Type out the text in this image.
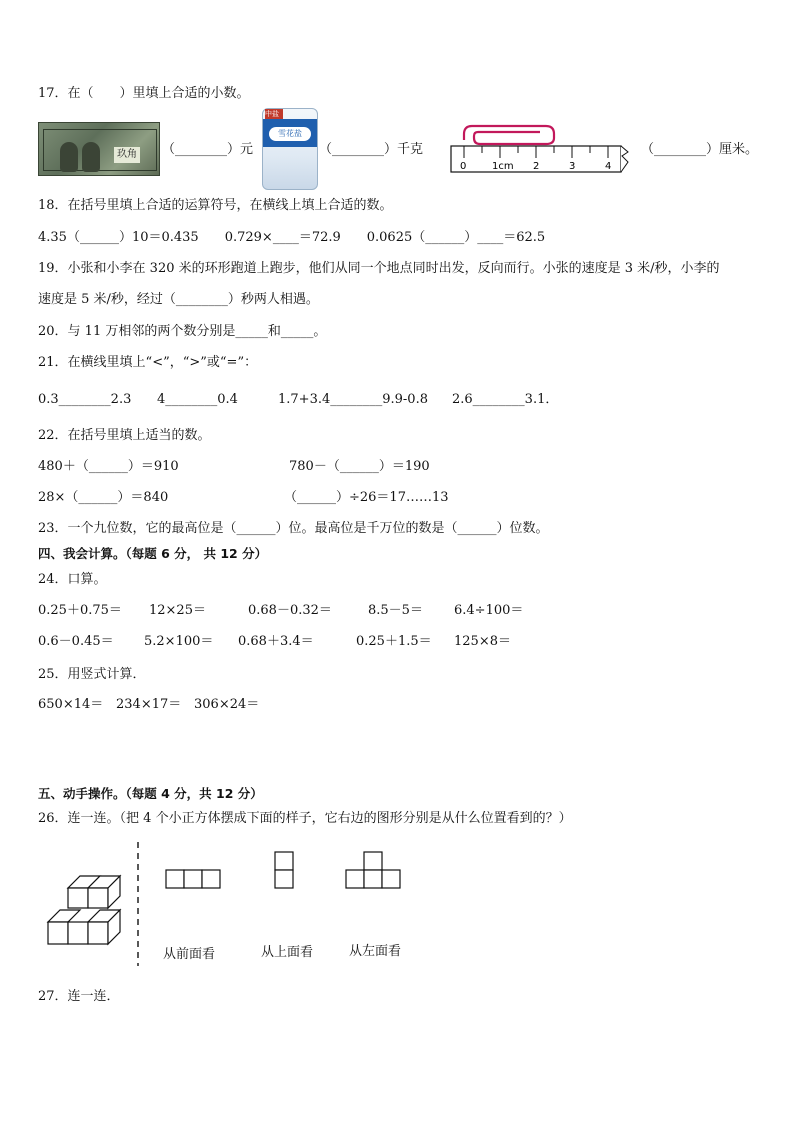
17．在（　　）里填上合适的小数。
玖角 （________）元
中盐
雪花盐
（________）千克
0	1cm 2	3	4
（________）厘米。
18．在括号里填上合适的运算符号，在横线上填上合适的数。
4.35（______）10＝0.435　　0.729×____＝72.9　　0.0625（______）____＝62.5
19．小张和小李在 320 米的环形跑道上跑步，他们从同一个地点同时出发，反向而行。小张的速度是 3 米/秒，小李的
速度是 5 米/秒，经过（________）秒两人相遇。
20．与 11 万相邻的两个数分别是_____和_____。
21．在横线里填上“<”，“>”或“=”：
0.3________2.3 4________0.4	1.7+3.4________9.9-0.8 2.6________3.1．
22．在括号里填上适当的数。
480＋（______）＝910	780－（______）＝190
28×（______）＝840	（______）÷26＝17……13
23．一个九位数，它的最高位是（______）位。最高位是千万位的数是（______）位数。
四、我会计算。（每题 6 分， 共 12 分）
24．口算。
0.25＋0.75＝ 12×25＝	0.68－0.32＝	8.5－5＝ 6.4÷100＝
0.6－0.45＝ 5.2×100＝ 0.68＋3.4＝	0.25＋1.5＝ 125×8＝
25．用竖式计算．
650×14＝ 234×17＝ 306×24＝
五、动手操作。（每题 4 分，共 12 分）
26．连一连。（把 4 个小正方体摆成下面的样子，它右边的图形分别是从什么位置看到的？）
从前面看	从上面看	从左面看
27．连一连．
